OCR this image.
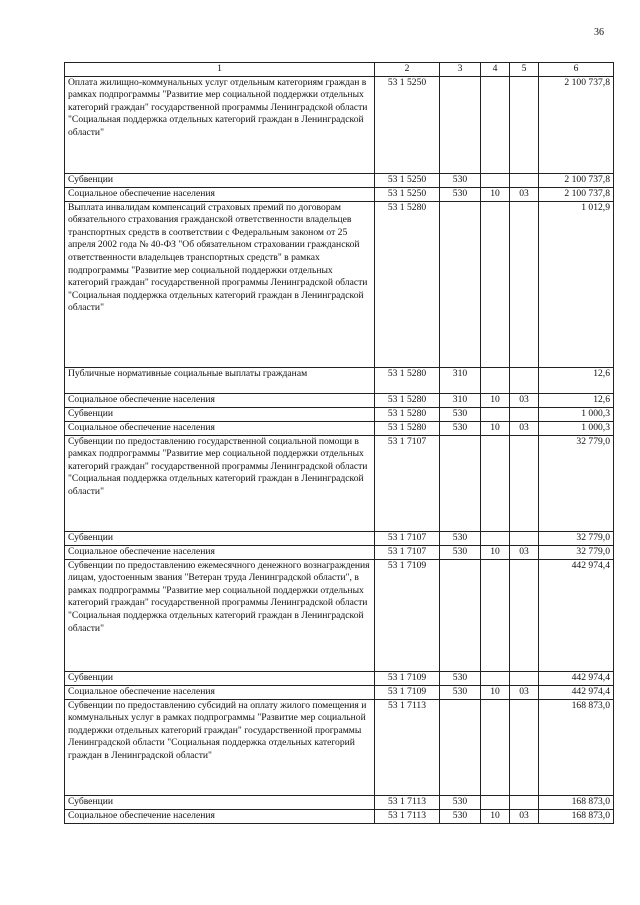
36
1	2	3	4	5	6
Оплата жилищно-коммунальных услуг отдельным категориям граждан в рамках подпрограммы "Развитие мер социальной поддержки отдельных категорий граждан" государственной программы Ленинградской области "Социальная поддержка отдельных категорий граждан в Ленинградской области"	53 1 5250				2 100 737,8
Субвенции	53 1 5250	530			2 100 737,8
Социальное обеспечение населения	53 1 5250	530	10	03	2 100 737,8
Выплата инвалидам компенсаций страховых премий по договорам обязательного страхования гражданской ответственности владельцев транспортных средств в соответствии с Федеральным законом от 25 апреля 2002 года № 40-ФЗ "Об обязательном страховании гражданской ответственности владельцев транспортных средств" в рамках подпрограммы "Развитие мер социальной поддержки отдельных категорий граждан" государственной программы Ленинградской области "Социальная поддержка отдельных категорий граждан в Ленинградской области"	53 1 5280				1 012,9
Публичные нормативные социальные выплаты гражданам	53 1 5280	310			12,6
Социальное обеспечение населения	53 1 5280	310	10	03	12,6
Субвенции	53 1 5280	530			1 000,3
Социальное обеспечение населения	53 1 5280	530	10	03	1 000,3
Субвенции по предоставлению государственной социальной помощи в рамках подпрограммы "Развитие мер социальной поддержки отдельных категорий граждан" государственной программы Ленинградской области "Социальная поддержка отдельных категорий граждан в Ленинградской области"	53 1 7107				32 779,0
Субвенции	53 1 7107	530			32 779,0
Социальное обеспечение населения	53 1 7107	530	10	03	32 779,0
Субвенции по предоставлению ежемесячного денежного вознаграждения лицам, удостоенным звания "Ветеран труда Ленинградской области", в рамках подпрограммы "Развитие мер социальной поддержки отдельных категорий граждан" государственной программы Ленинградской области "Социальная поддержка отдельных категорий граждан в Ленинградской области"	53 1 7109				442 974,4
Субвенции	53 1 7109	530			442 974,4
Социальное обеспечение населения	53 1 7109	530	10	03	442 974,4
Субвенции по предоставлению субсидий на оплату жилого помещения и коммунальных услуг в рамках подпрограммы "Развитие мер социальной поддержки отдельных категорий граждан" государственной программы Ленинградской области "Социальная поддержка отдельных категорий граждан в Ленинградской области"	53 1 7113				168 873,0
Субвенции	53 1 7113	530			168 873,0
Социальное обеспечение населения	53 1 7113	530	10	03	168 873,0
